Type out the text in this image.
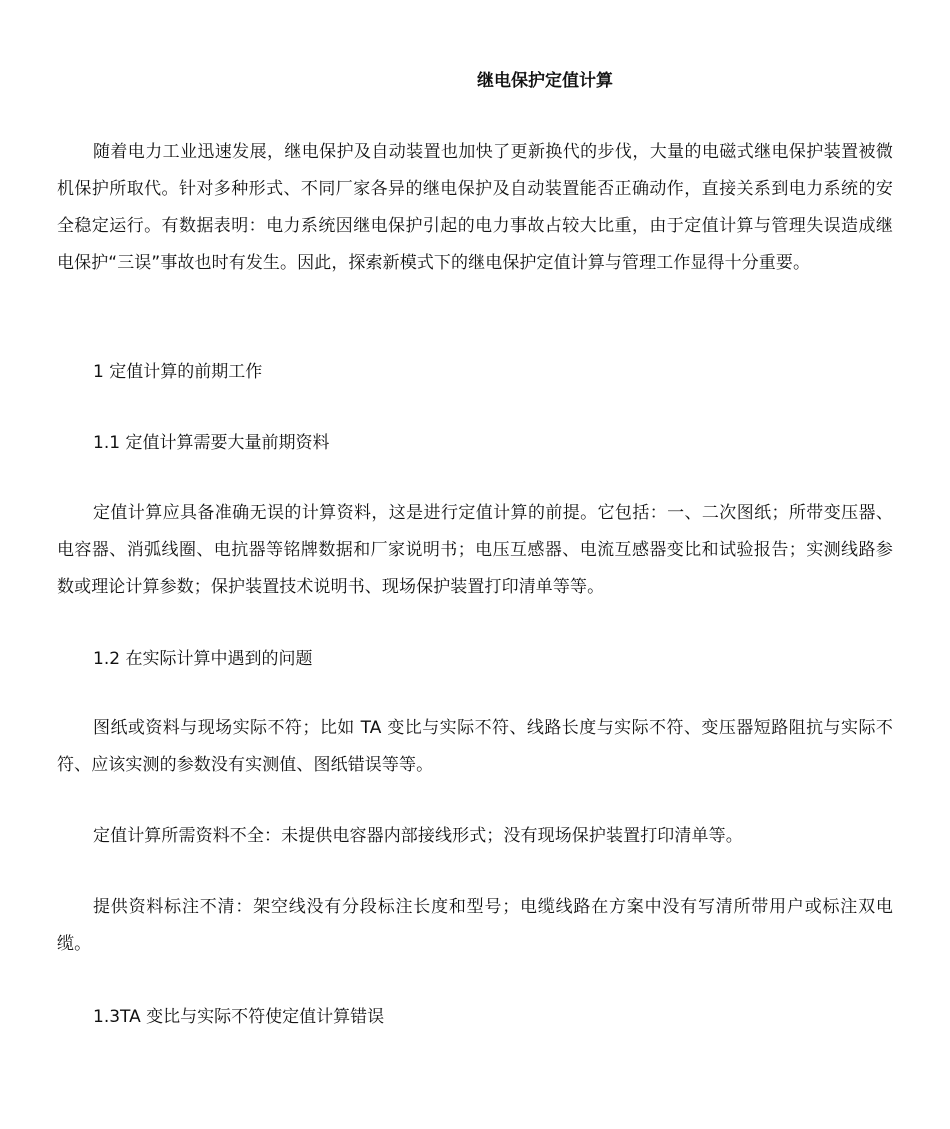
继电保护定值计算

随着电力工业迅速发展，继电保护及自动装置也加快了更新换代的步伐，大量的电磁式继电保护装置被微机保护所取代。针对多种形式、不同厂家各异的继电保护及自动装置能否正确动作，直接关系到电力系统的安全稳定运行。有数据表明：电力系统因继电保护引起的电力事故占较大比重，由于定值计算与管理失误造成继电保护“三误”事故也时有发生。因此，探索新模式下的继电保护定值计算与管理工作显得十分重要。

1 定值计算的前期工作
1.1 定值计算需要大量前期资料

定值计算应具备准确无误的计算资料，这是进行定值计算的前提。它包括：一、二次图纸；所带变压器、电容器、消弧线圈、电抗器等铭牌数据和厂家说明书；电压互感器、电流互感器变比和试验报告；实测线路参数或理论计算参数；保护装置技术说明书、现场保护装置打印清单等等。

1.2 在实际计算中遇到的问题

图纸或资料与现场实际不符；比如 TA 变比与实际不符、线路长度与实际不符、变压器短路阻抗与实际不符、应该实测的参数没有实测值、图纸错误等等。

定值计算所需资料不全：未提供电容器内部接线形式；没有现场保护装置打印清单等。

提供资料标注不清：架空线没有分段标注长度和型号；电缆线路在方案中没有写清所带用户或标注双电缆。

1.3TA 变比与实际不符使定值计算错误
